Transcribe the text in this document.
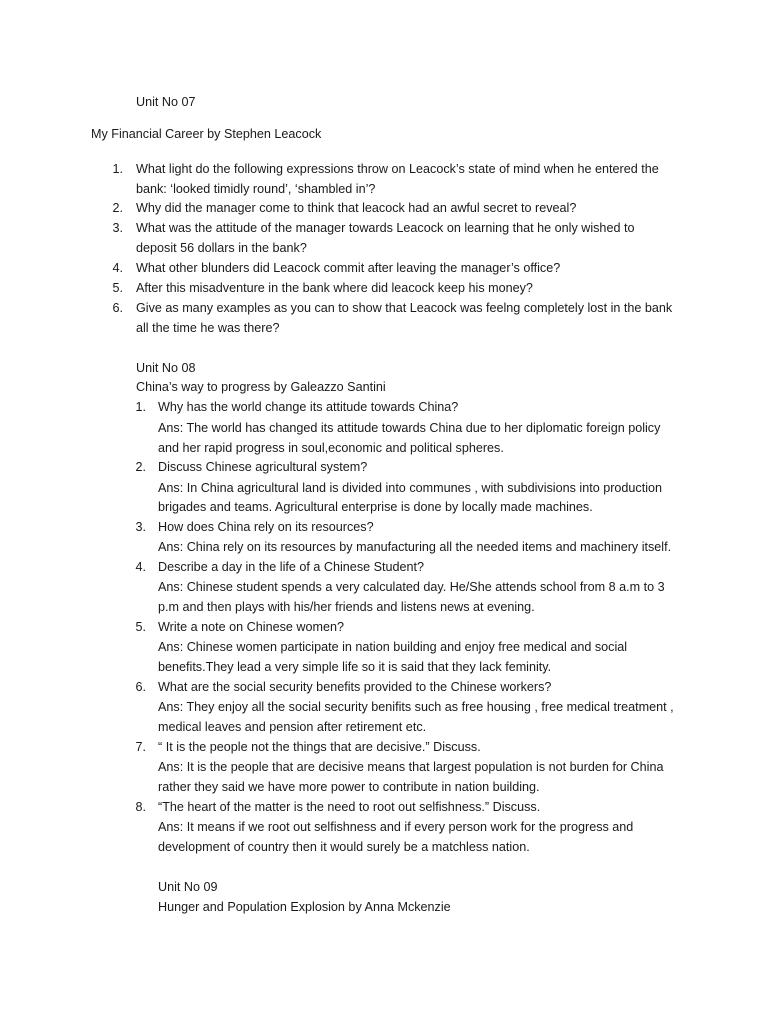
Unit No 07
My Financial Career by Stephen Leacock
1. What light do the following expressions throw on Leacock’s state of mind when he entered the
bank: ‘looked timidly round’, ‘shambled in’?
2. Why did the manager come to think that leacock had an awful secret to reveal?
3. What was the attitude of the manager towards Leacock on learning that he only wished to
deposit 56 dollars in the bank?
4. What other blunders did Leacock commit after leaving the manager’s office?
5. After this misadventure in the bank where did leacock keep his money?
6. Give as many examples as you can to show that Leacock was feelng completely lost in the bank
all the time he was there?
Unit No 08
China’s way to progress by Galeazzo Santini
1. Why has the world change its attitude towards China?
Ans: The world has changed its attitude towards China due to her diplomatic foreign policy
and her rapid progress in soul,economic and political spheres.
2. Discuss Chinese agricultural system?
Ans: In China agricultural land is divided into communes , with subdivisions into production
brigades and teams. Agricultural enterprise is done by locally made machines.
3. How does China rely on its resources?
Ans: China rely on its resources by manufacturing all the needed items and machinery itself.
4. Describe a day in the life of a Chinese Student?
Ans: Chinese student spends a very calculated day. He/She attends school from 8 a.m to 3
p.m and then plays with his/her friends and listens news at evening.
5. Write a note on Chinese women?
Ans: Chinese women participate in nation building and enjoy free medical and social
benefits.They lead a very simple life so it is said that they lack feminity.
6. What are the social security benefits provided to the Chinese workers?
Ans: They enjoy all the social security benifits such as free housing , free medical treatment ,
medical leaves and pension after retirement etc.
7. “ It is the people not the things that are decisive.” Discuss.
Ans: It is the people that are decisive means that largest population is not burden for China
rather they said we have more power to contribute in nation building.
8. “The heart of the matter is the need to root out selfishness.” Discuss.
Ans: It means if we root out selfishness and if every person work for the progress and
development of country then it would surely be a matchless nation.
Unit No 09
Hunger and Population Explosion by Anna Mckenzie
